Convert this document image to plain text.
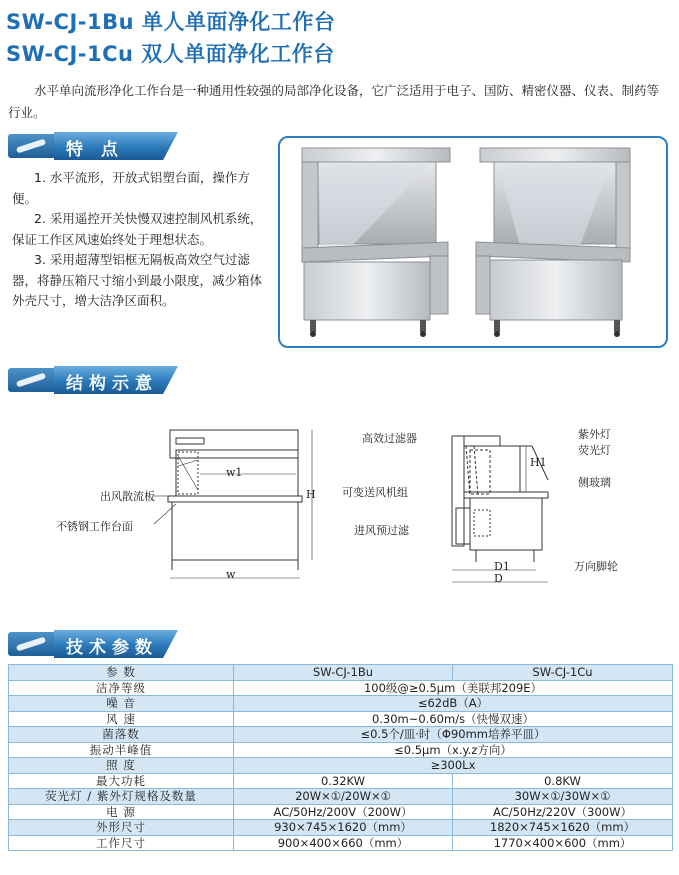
SW-CJ-1Bu 单人单面净化工作台
SW-CJ-1Cu 双人单面净化工作台

水平单向流形净化工作台是一种通用性较强的局部净化设备，它广泛适用于电子、国防、精密仪器、仪表、制药等行业。

特 点

1. 水平流形，开放式铝塑台面，操作方便。

2. 采用遥控开关快慢双速控制风机系统，保证工作区风速始终处于理想状态。

3. 采用超薄型铝框无隔板高效空气过滤器，将静压箱尺寸缩小到最小限度，减少箱体外壳尺寸，增大洁净区面积。

结构示意
出风散流板
不锈钢工作台面
w1
w
H
高效过滤器
可变送风机组
进风预过滤
紫外灯
荧光灯
侧玻璃
万向脚轮
H1
D1
D
技术参数
参 数	SW-CJ-1Bu	SW-CJ-1Cu
洁净等级	100级@≥0.5μm（美联邦209E）	
噪 音	≤62dB（A）	
风 速	0.30m~0.60m/s（快慢双速）	
菌落数	≤0.5个/皿·时（Φ90mm培养平皿）	
振动半峰值	≤0.5μm（x.y.z方向）	
照 度	≥300Lx	
最大功耗	0.32KW	0.8KW
荧光灯 / 紫外灯规格及数量	20W×①/20W×①	30W×①/30W×①
电 源	AC/50Hz/200V（200W）	AC/50Hz/220V（300W）
外形尺寸	930×745×1620（mm）	1820×745×1620（mm）
工作尺寸	900×400×660（mm）	1770×400×600（mm）
